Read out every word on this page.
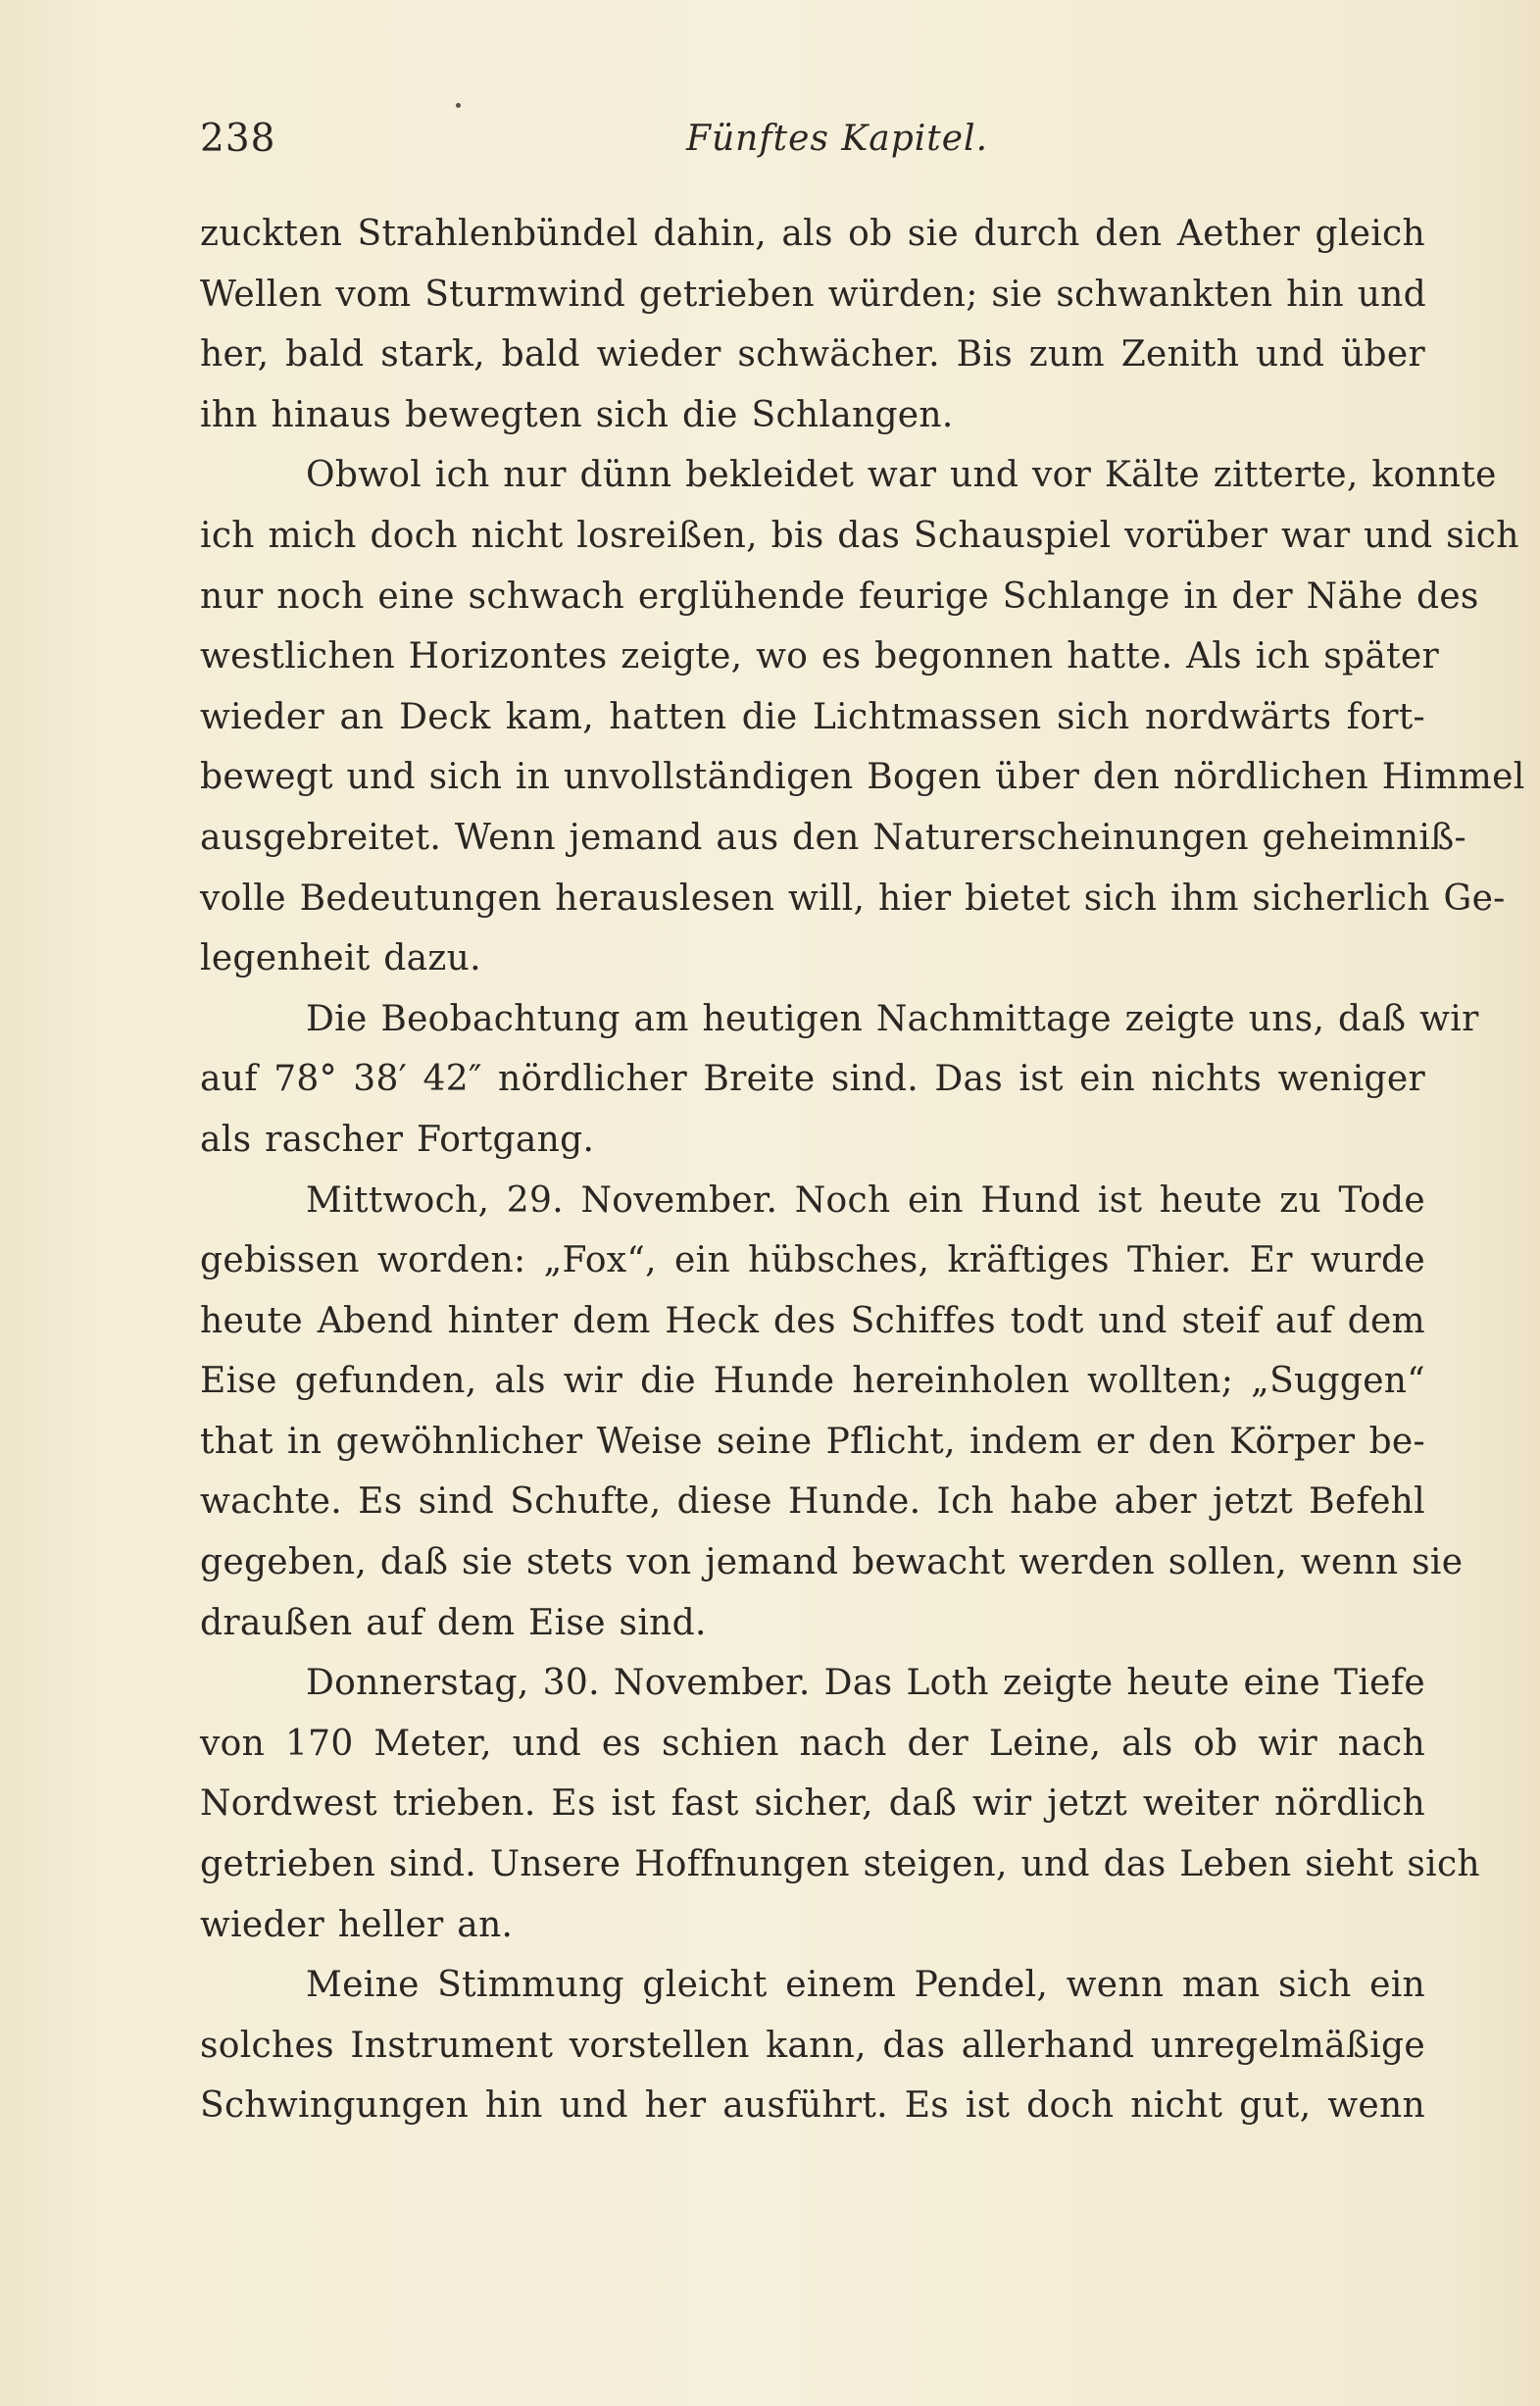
238	Fünftes Kapitel.
zuckten Strahlenbündel dahin, als ob sie durch den Aether gleich
Wellen vom Sturmwind getrieben würden; sie schwankten hin und
her, bald stark, bald wieder schwächer. Bis zum Zenith und über
ihn hinaus bewegten sich die Schlangen.
Obwol ich nur dünn bekleidet war und vor Kälte zitterte, konnte
ich mich doch nicht losreißen, bis das Schauspiel vorüber war und sich
nur noch eine schwach erglühende feurige Schlange in der Nähe des
westlichen Horizontes zeigte, wo es begonnen hatte. Als ich später
wieder an Deck kam, hatten die Lichtmassen sich nordwärts fort-
bewegt und sich in unvollständigen Bogen über den nördlichen Himmel
ausgebreitet. Wenn jemand aus den Naturerscheinungen geheimniß-
volle Bedeutungen herauslesen will, hier bietet sich ihm sicherlich Ge-
legenheit dazu.
Die Beobachtung am heutigen Nachmittage zeigte uns, daß wir
auf 78° 38′ 42″ nördlicher Breite sind. Das ist ein nichts weniger
als rascher Fortgang.
Mittwoch, 29. November. Noch ein Hund ist heute zu Tode
gebissen worden: „Fox“, ein hübsches, kräftiges Thier. Er wurde
heute Abend hinter dem Heck des Schiffes todt und steif auf dem
Eise gefunden, als wir die Hunde hereinholen wollten; „Suggen“
that in gewöhnlicher Weise seine Pflicht, indem er den Körper be-
wachte. Es sind Schufte, diese Hunde. Ich habe aber jetzt Befehl
gegeben, daß sie stets von jemand bewacht werden sollen, wenn sie
draußen auf dem Eise sind.
Donnerstag, 30. November. Das Loth zeigte heute eine Tiefe
von 170 Meter, und es schien nach der Leine, als ob wir nach
Nordwest trieben. Es ist fast sicher, daß wir jetzt weiter nördlich
getrieben sind. Unsere Hoffnungen steigen, und das Leben sieht sich
wieder heller an.
Meine Stimmung gleicht einem Pendel, wenn man sich ein
solches Instrument vorstellen kann, das allerhand unregelmäßige
Schwingungen hin und her ausführt. Es ist doch nicht gut, wenn
